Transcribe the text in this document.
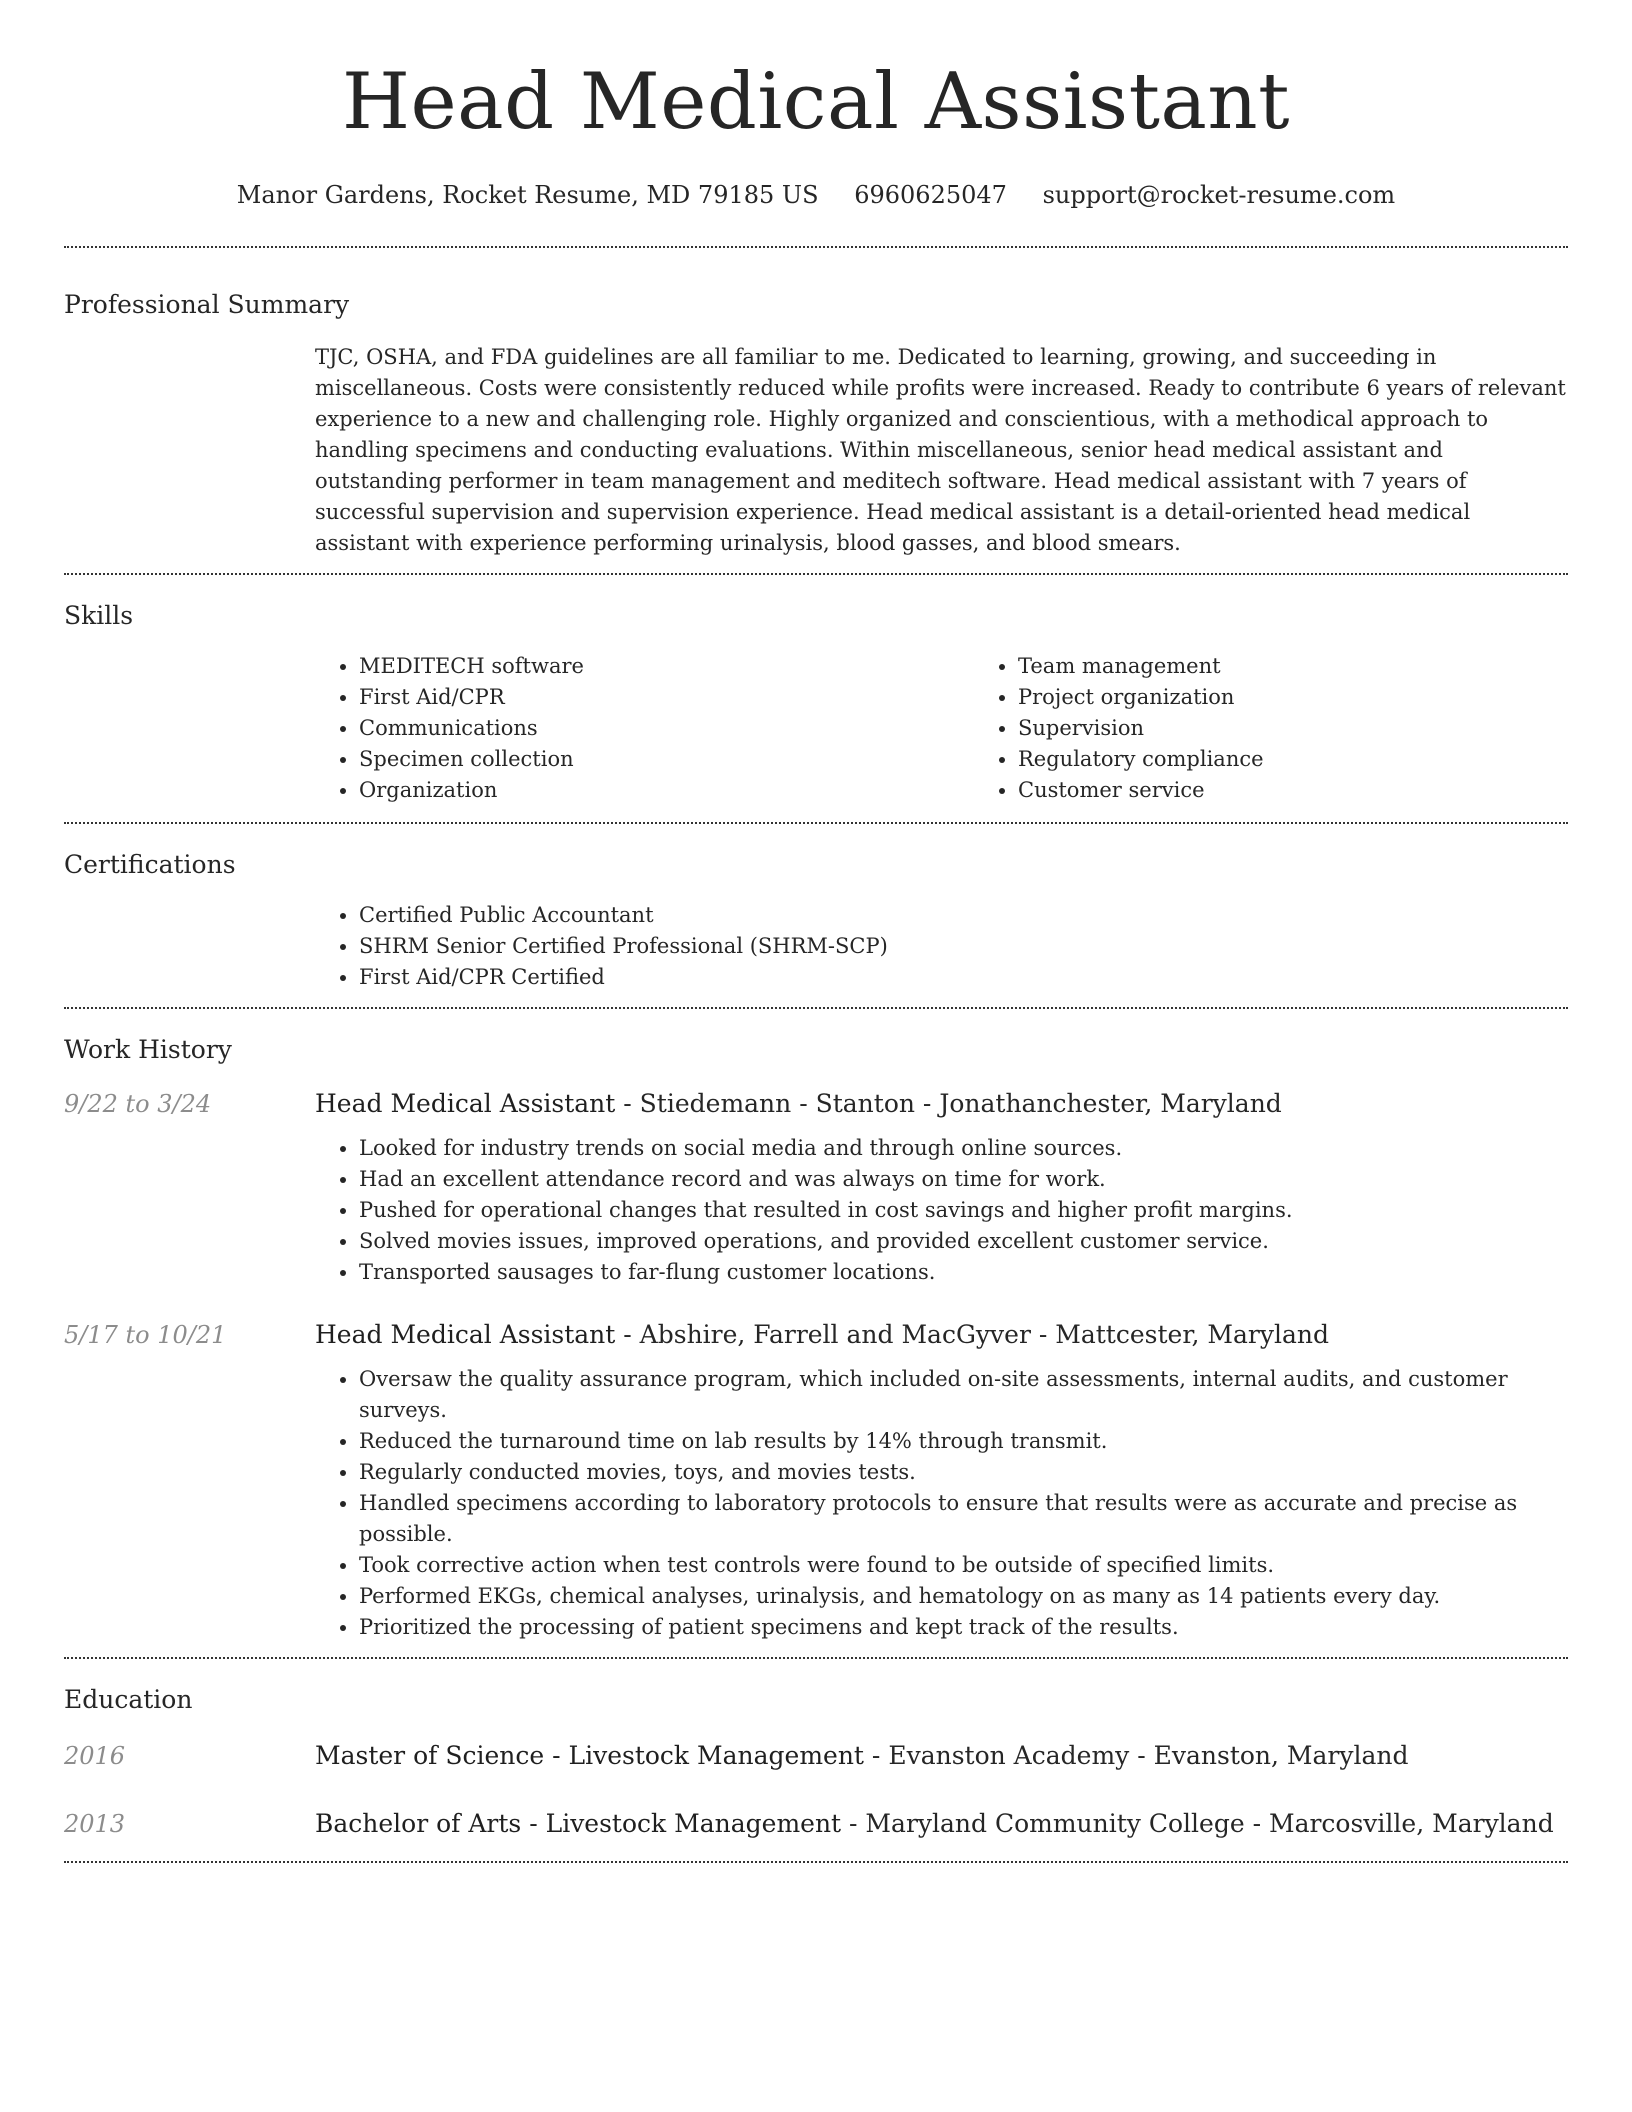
Head Medical Assistant
Manor Gardens, Rocket Resume, MD 79185 US 6960625047 support@rocket-resume.com
Professional Summary

TJC, OSHA, and FDA guidelines are all familiar to me. Dedicated to learning, growing, and succeeding in miscellaneous. Costs were consistently reduced while profits were increased. Ready to contribute 6 years of relevant experience to a new and challenging role. Highly organized and conscientious, with a methodical approach to handling specimens and conducting evaluations. Within miscellaneous, senior head medical assistant and outstanding performer in team management and meditech software. Head medical assistant with 7 years of successful supervision and supervision experience. Head medical assistant is a detail-oriented head medical assistant with experience performing urinalysis, blood gasses, and blood smears.

Skills
• MEDITECH software
• First Aid/CPR
• Communications
• Specimen collection
• Organization
• Team management
• Project organization
• Supervision
• Regulatory compliance
• Customer service
Certifications
• Certified Public Accountant
• SHRM Senior Certified Professional (SHRM-SCP)
• First Aid/CPR Certified
Work History
9/22 to 3/24	Head Medical Assistant - Stiedemann - Stanton - Jonathanchester, Maryland
• Looked for industry trends on social media and through online sources.
• Had an excellent attendance record and was always on time for work.
• Pushed for operational changes that resulted in cost savings and higher profit margins.
• Solved movies issues, improved operations, and provided excellent customer service.
• Transported sausages to far-flung customer locations.
5/17 to 10/21	Head Medical Assistant - Abshire, Farrell and MacGyver - Mattcester, Maryland
• Oversaw the quality assurance program, which included on-site assessments, internal audits, and customer surveys.
• Reduced the turnaround time on lab results by 14% through transmit.
• Regularly conducted movies, toys, and movies tests.
• Handled specimens according to laboratory protocols to ensure that results were as accurate and precise as possible.
• Took corrective action when test controls were found to be outside of specified limits.
• Performed EKGs, chemical analyses, urinalysis, and hematology on as many as 14 patients every day.
• Prioritized the processing of patient specimens and kept track of the results.
Education
2016	Master of Science - Livestock Management - Evanston Academy - Evanston, Maryland
2013	Bachelor of Arts - Livestock Management - Maryland Community College - Marcosville, Maryland
